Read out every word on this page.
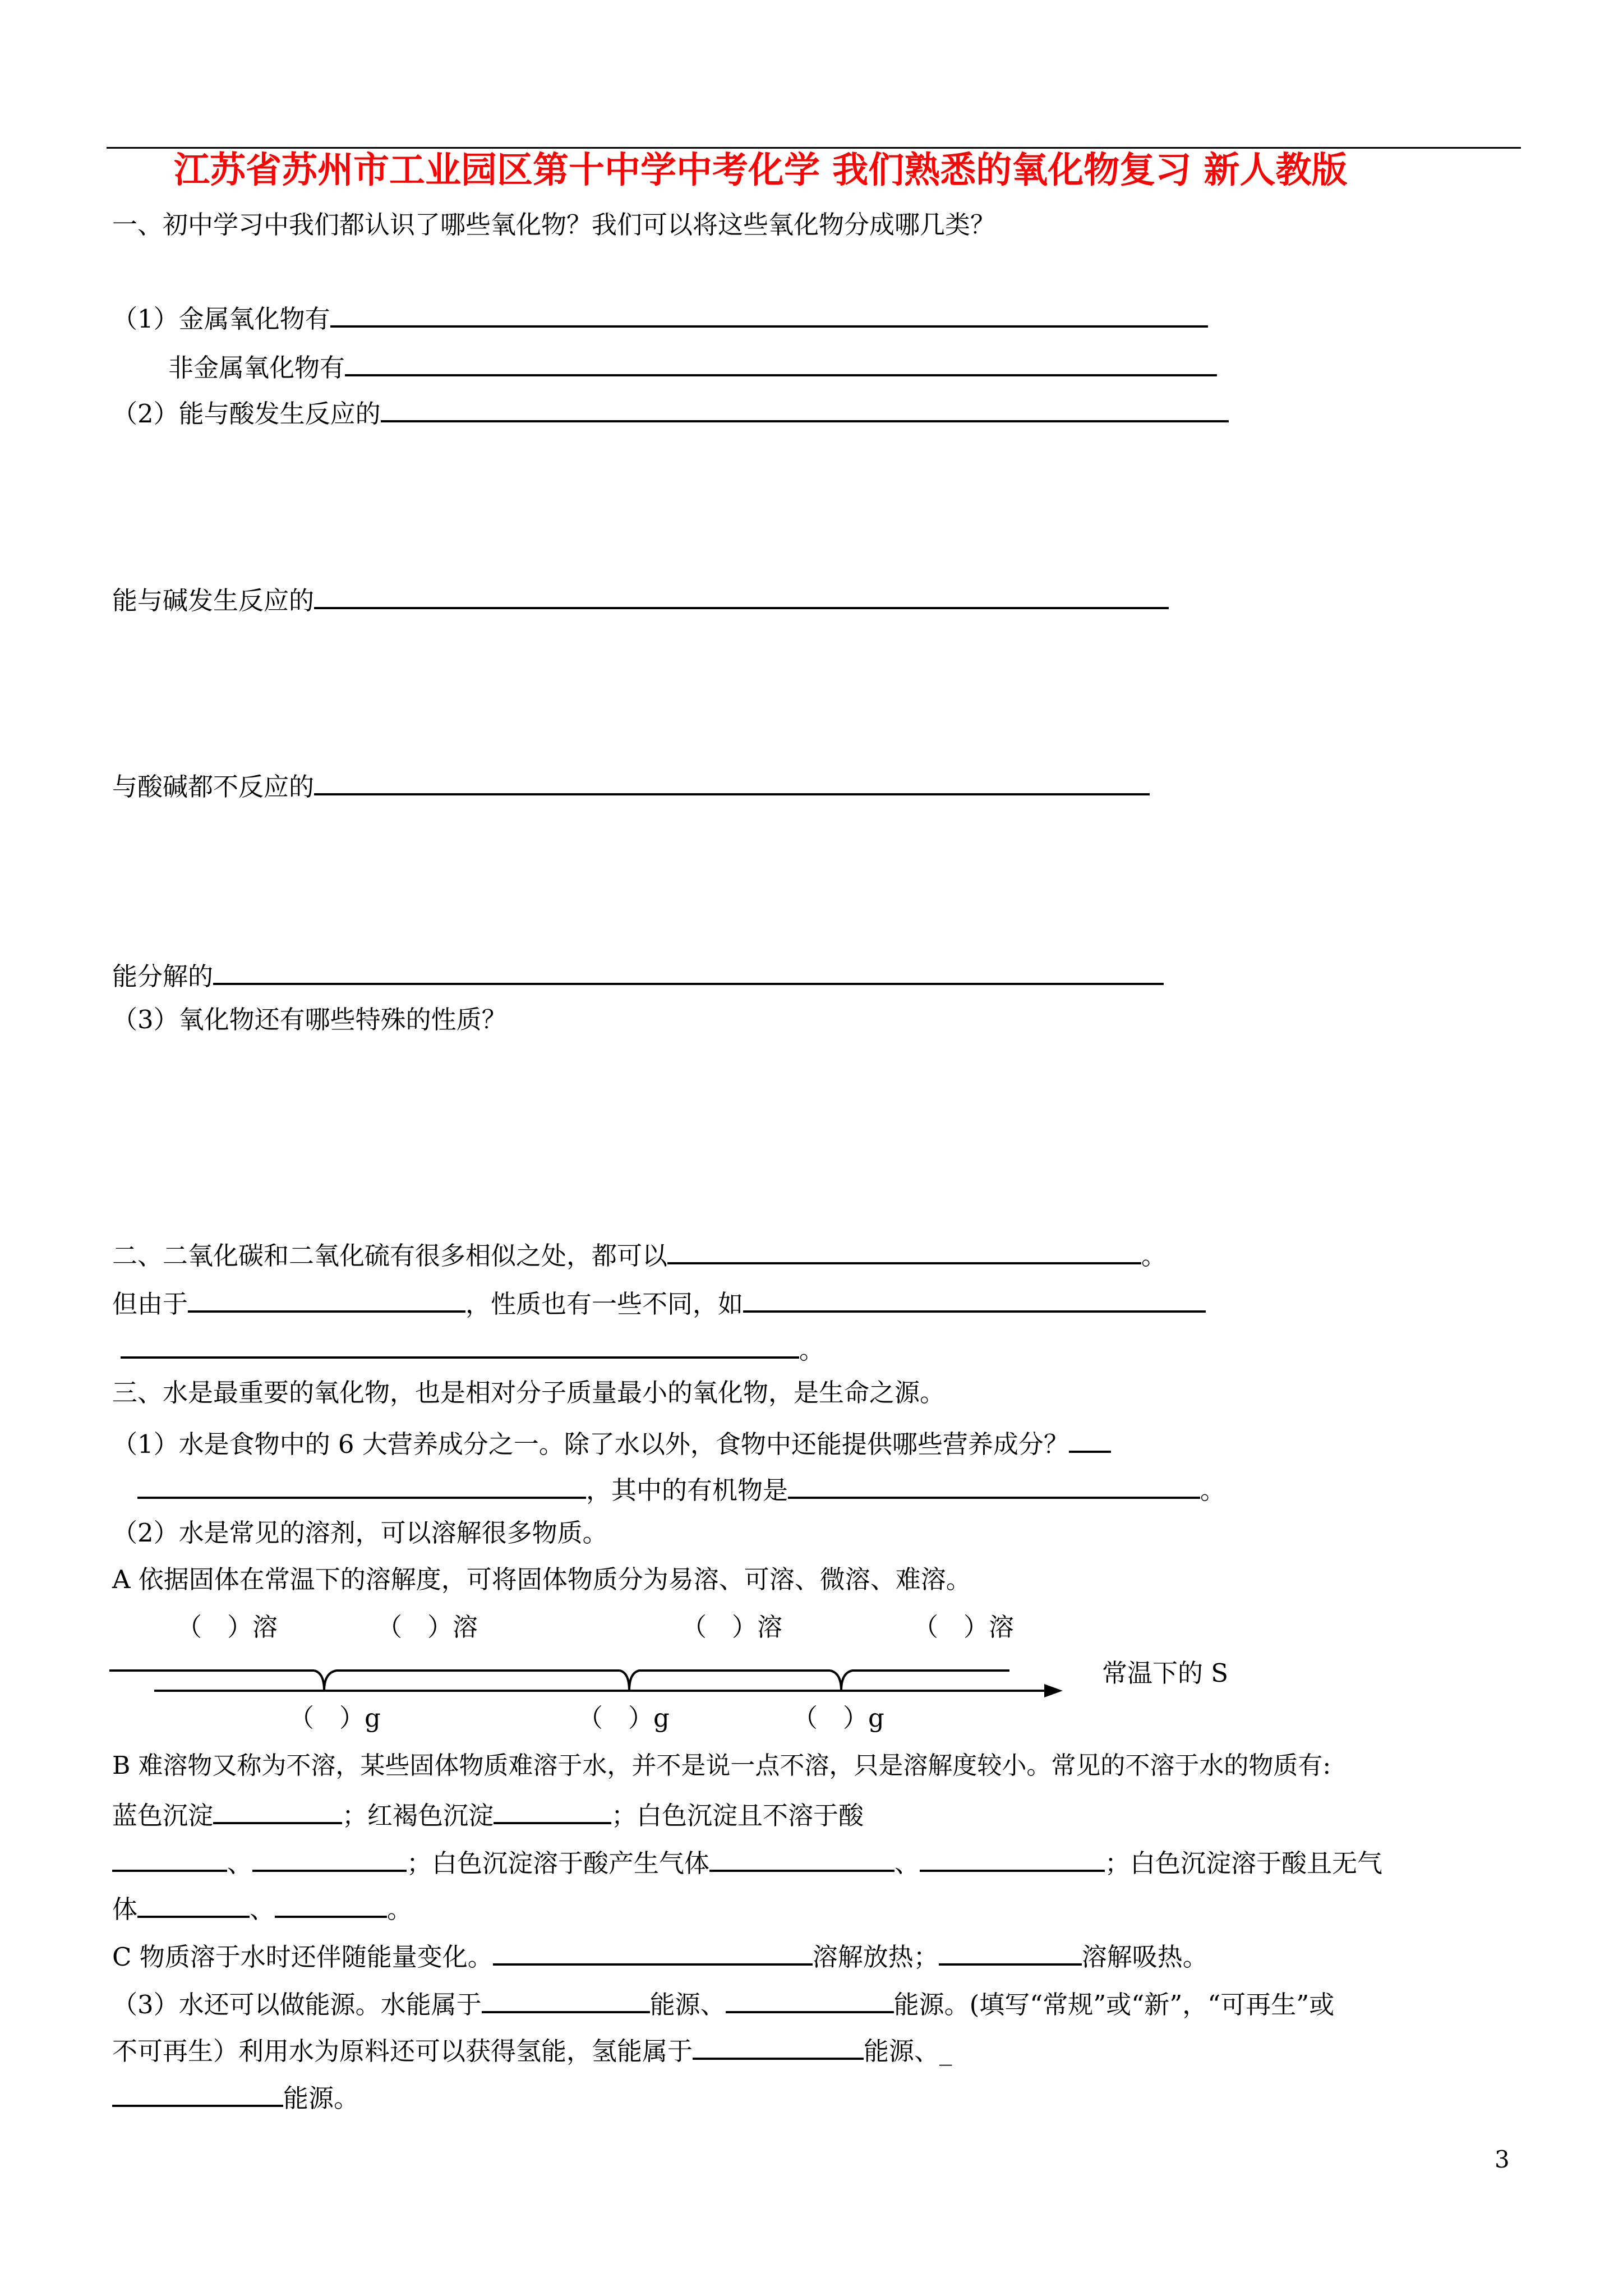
江苏省苏州市工业园区第十中学中考化学 我们熟悉的氧化物复习 新人教版
一、初中学习中我们都认识了哪些氧化物？我们可以将这些氧化物分成哪几类？
（1）金属氧化物有
非金属氧化物有
（2）能与酸发生反应的
能与碱发生反应的
与酸碱都不反应的
能分解的
（3）氧化物还有哪些特殊的性质？
二、二氧化碳和二氧化硫有很多相似之处，都可以	。
但由于	，性质也有一些不同，如
。
三、水是最重要的氧化物，也是相对分子质量最小的氧化物，是生命之源。
（1）水是食物中的 6 大营养成分之一。除了水以外，食物中还能提供哪些营养成分？
，其中的有机物是	。
（2）水是常见的溶剂，可以溶解很多物质。
A 依据固体在常温下的溶解度，可将固体物质分为易溶、可溶、微溶、难溶。
（　）溶	（　）溶	（　）溶	（　）溶
常温下的 S
（　）g	（　）g	（　）g
B 难溶物又称为不溶，某些固体物质难溶于水，并不是说一点不溶，只是溶解度较小。常见的不溶于水的物质有:
蓝色沉淀	；红褐色沉淀	；白色沉淀且不溶于酸
、	；白色沉淀溶于酸产生气体	、	；白色沉淀溶于酸且无气
体	、	。
C 物质溶于水时还伴随能量变化。	溶解放热；	溶解吸热。
（3）水还可以做能源。水能属于	能源、	能源。(填写“常规”或“新”，“可再生”或
不可再生）利用水为原料还可以获得氢能，氢能属于	能源、_
能源。
3
